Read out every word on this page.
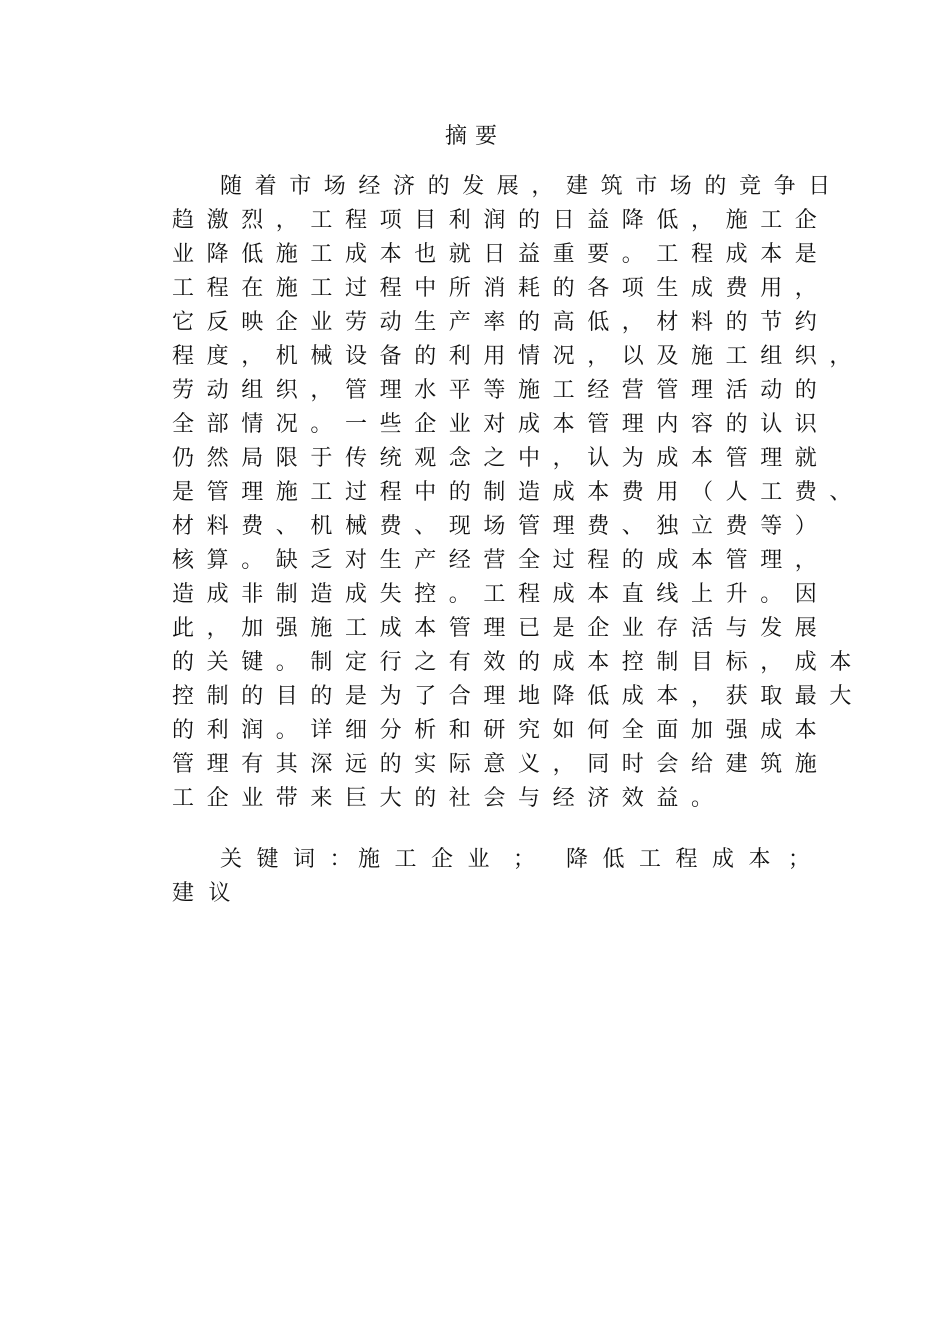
摘要
随着市场经济的发展，建筑市场的竞争日
趋激烈，工程项目利润的日益降低，施工企
业降低施工成本也就日益重要。工程成本是
工程在施工过程中所消耗的各项生成费用，
它反映企业劳动生产率的高低，材料的节约
程度，机械设备的利用情况，以及施工组织，
劳动组织，管理水平等施工经营管理活动的
全部情况。一些企业对成本管理内容的认识
仍然局限于传统观念之中，认为成本管理就
是管理施工过程中的制造成本费用（人工费、
材料费、机械费、现场管理费、独立费等）
核算。缺乏对生产经营全过程的成本管理，
造成非制造成失控。工程成本直线上升。因
此，加强施工成本管理已是企业存活与发展
的关键。制定行之有效的成本控制目标，成本
控制的目的是为了合理地降低成本，获取最大
的利润。详细分析和研究如何全面加强成本
管理有其深远的实际意义，同时会给建筑施
工企业带来巨大的社会与经济效益。
关键词：
施工企业 ； 降低工程成本 ；
建议
